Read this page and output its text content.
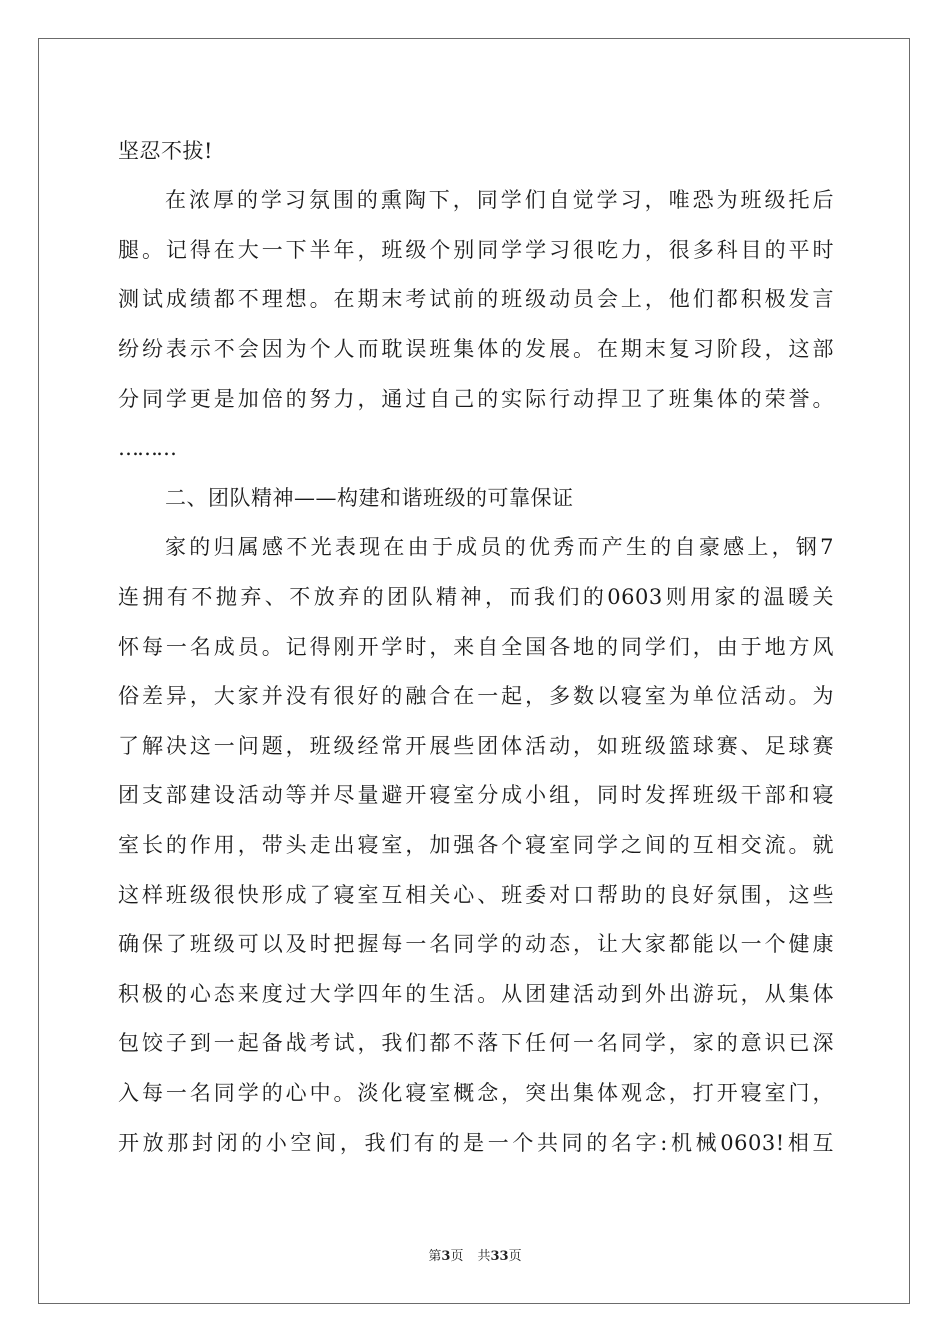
坚忍不拔!
在浓厚的学习氛围的熏陶下，同学们自觉学习，唯恐为班级托后
腿。记得在大一下半年，班级个别同学学习很吃力，很多科目的平时
测试成绩都不理想。在期末考试前的班级动员会上，他们都积极发言
纷纷表示不会因为个人而耽误班集体的发展。在期末复习阶段，这部
分同学更是加倍的努力，通过自己的实际行动捍卫了班集体的荣誉。
………
二、团队精神——构建和谐班级的可靠保证
家的归属感不光表现在由于成员的优秀而产生的自豪感上，钢7
连拥有不抛弃、不放弃的团队精神，而我们的0603则用家的温暖关
怀每一名成员。记得刚开学时，来自全国各地的同学们，由于地方风
俗差异，大家并没有很好的融合在一起，多数以寝室为单位活动。为
了解决这一问题，班级经常开展些团体活动，如班级篮球赛、足球赛
团支部建设活动等并尽量避开寝室分成小组，同时发挥班级干部和寝
室长的作用，带头走出寝室，加强各个寝室同学之间的互相交流。就
这样班级很快形成了寝室互相关心、班委对口帮助的良好氛围，这些
确保了班级可以及时把握每一名同学的动态，让大家都能以一个健康
积极的心态来度过大学四年的生活。从团建活动到外出游玩，从集体
包饺子到一起备战考试，我们都不落下任何一名同学，家的意识已深
入每一名同学的心中。淡化寝室概念，突出集体观念，打开寝室门，
开放那封闭的小空间，我们有的是一个共同的名字:机械0603!相互
第3页 共33页
